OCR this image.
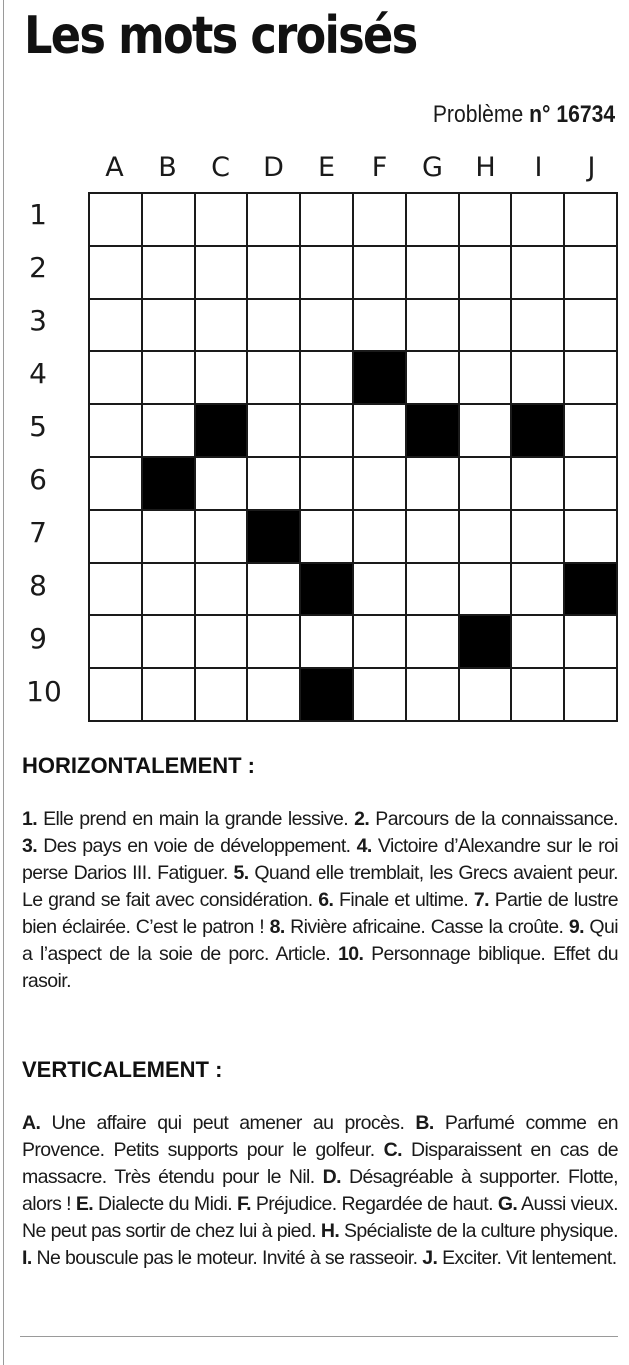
Les mots croisés
Problème n° 16734
A	B	C	D	E	F	G	H	I	J
1
2
3
4
5
6
7
8
9
10
HORIZONTALEMENT :
1. Elle prend en main la grande lessive. 2. Parcours de la connaissance. 3. Des pays en voie de développement. 4. Victoire d’Alexandre sur le roi perse Darios III. Fatiguer. 5. Quand elle tremblait, les Grecs avaient peur. Le grand se fait avec considération. 6. Finale et ultime. 7. Partie de lustre bien éclairée. C’est le patron ! 8. Rivière africaine. Casse la croûte. 9. Qui a l’aspect de la soie de porc. Article. 10. Personnage biblique. Effet du rasoir.
VERTICALEMENT :
A. Une affaire qui peut amener au procès. B. Parfumé comme en Provence. Petits supports pour le golfeur. C. Disparaissent en cas de massacre. Très étendu pour le Nil. D. Désagréable à supporter. Flotte, alors ! E. Dialecte du Midi. F. Préjudice. Regardée de haut. G. Aussi vieux. Ne peut pas sortir de chez lui à pied. H. Spécialiste de la culture physique. I. Ne bouscule pas le moteur. Invité à se rasseoir. J. Exciter. Vit lentement.
